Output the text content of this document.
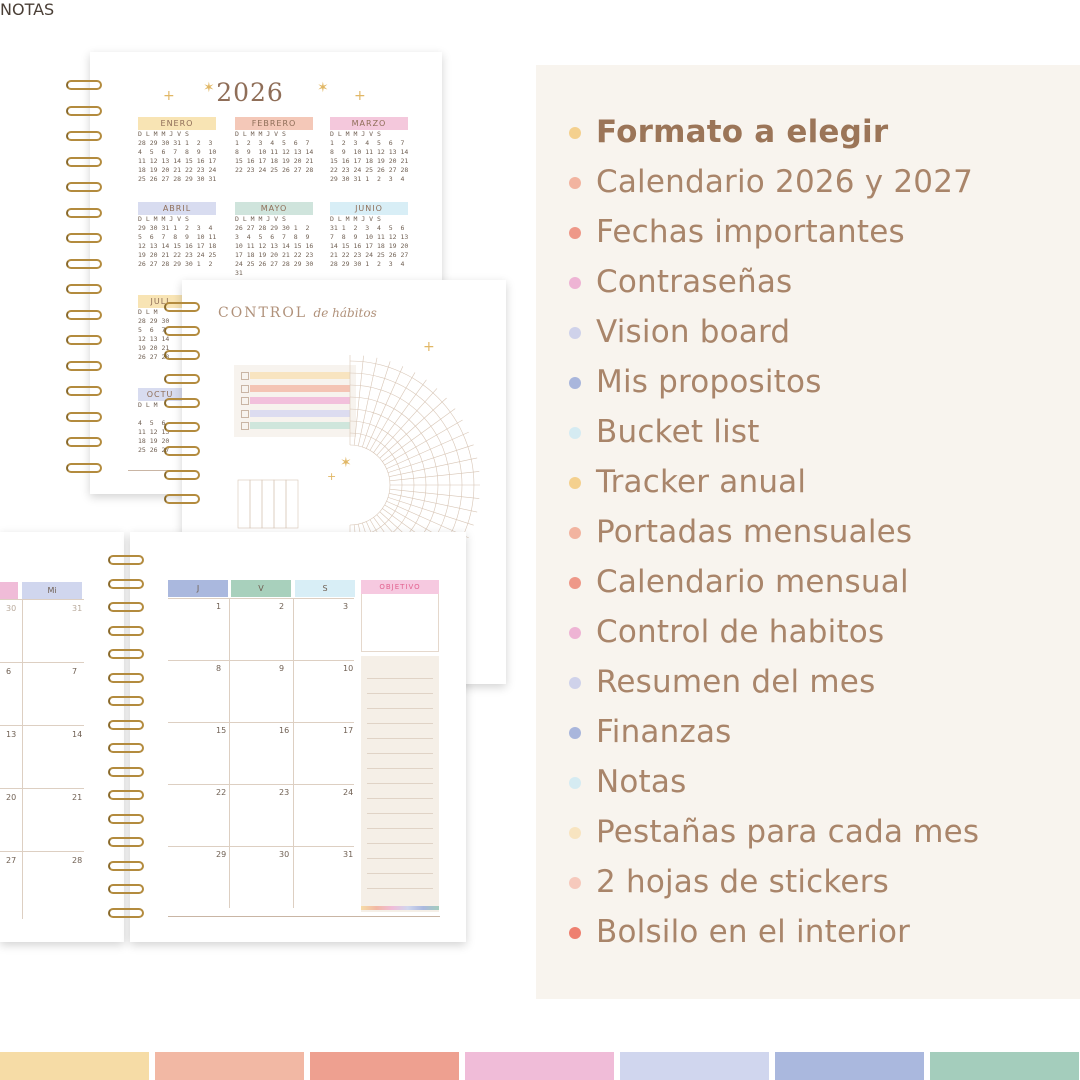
Formato a elegir
Calendario 2026 y 2027
Fechas importantes
Contraseñas
Vision board
Mis propositos
Bucket list
Tracker anual
Portadas mensuales
Calendario mensual
Control de habitos
Resumen del mes
Finanzas
Notas
Pestañas para cada mes
2 hojas de stickers
Bolsilo en el interior
2026
+ ✶	✶ +
ENERO
D L M M J V S
28 29 30 31 1  2  3
4  5  6  7  8  9  10
11 12 13 14 15 16 17
18 19 20 21 22 23 24
25 26 27 28 29 30 31
FEBRERO
D L M M J V S
1  2  3  4  5  6  7
8  9  10 11 12 13 14
15 16 17 18 19 20 21
22 23 24 25 26 27 28
MARZO
D L M M J V S
1  2  3  4  5  6  7
8  9  10 11 12 13 14
15 16 17 18 19 20 21
22 23 24 25 26 27 28
29 30 31 1  2  3  4
ABRIL
D L M M J V S
29 30 31 1  2  3  4
5  6  7  8  9  10 11
12 13 14 15 16 17 18
19 20 21 22 23 24 25
26 27 28 29 30 1  2
MAYO
D L M M J V S
26 27 28 29 30 1  2
3  4  5  6  7  8  9
10 11 12 13 14 15 16
17 18 19 20 21 22 23
24 25 26 27 28 29 30
31
JUNIO
D L M M J V S
31 1  2  3  4  5  6
7  8  9  10 11 12 13
14 15 16 17 18 19 20
21 22 23 24 25 26 27
28 29 30 1  2  3  4
JULI
D L M
28 29 30
5  6  7
12 13 14
19 20 21
26 27 28
OCTU
D L M

4  5  6
11 12 13
18 19 20
25 26 27
CONTROL de hábitos
+
✶
+
Mi
30	31
6	7
13	14
20	21
27	28
J	V	S
1	2	3
8	9	10
15	16	17
22	23	24
29	30	31
OBJETIVO
NOTAS
